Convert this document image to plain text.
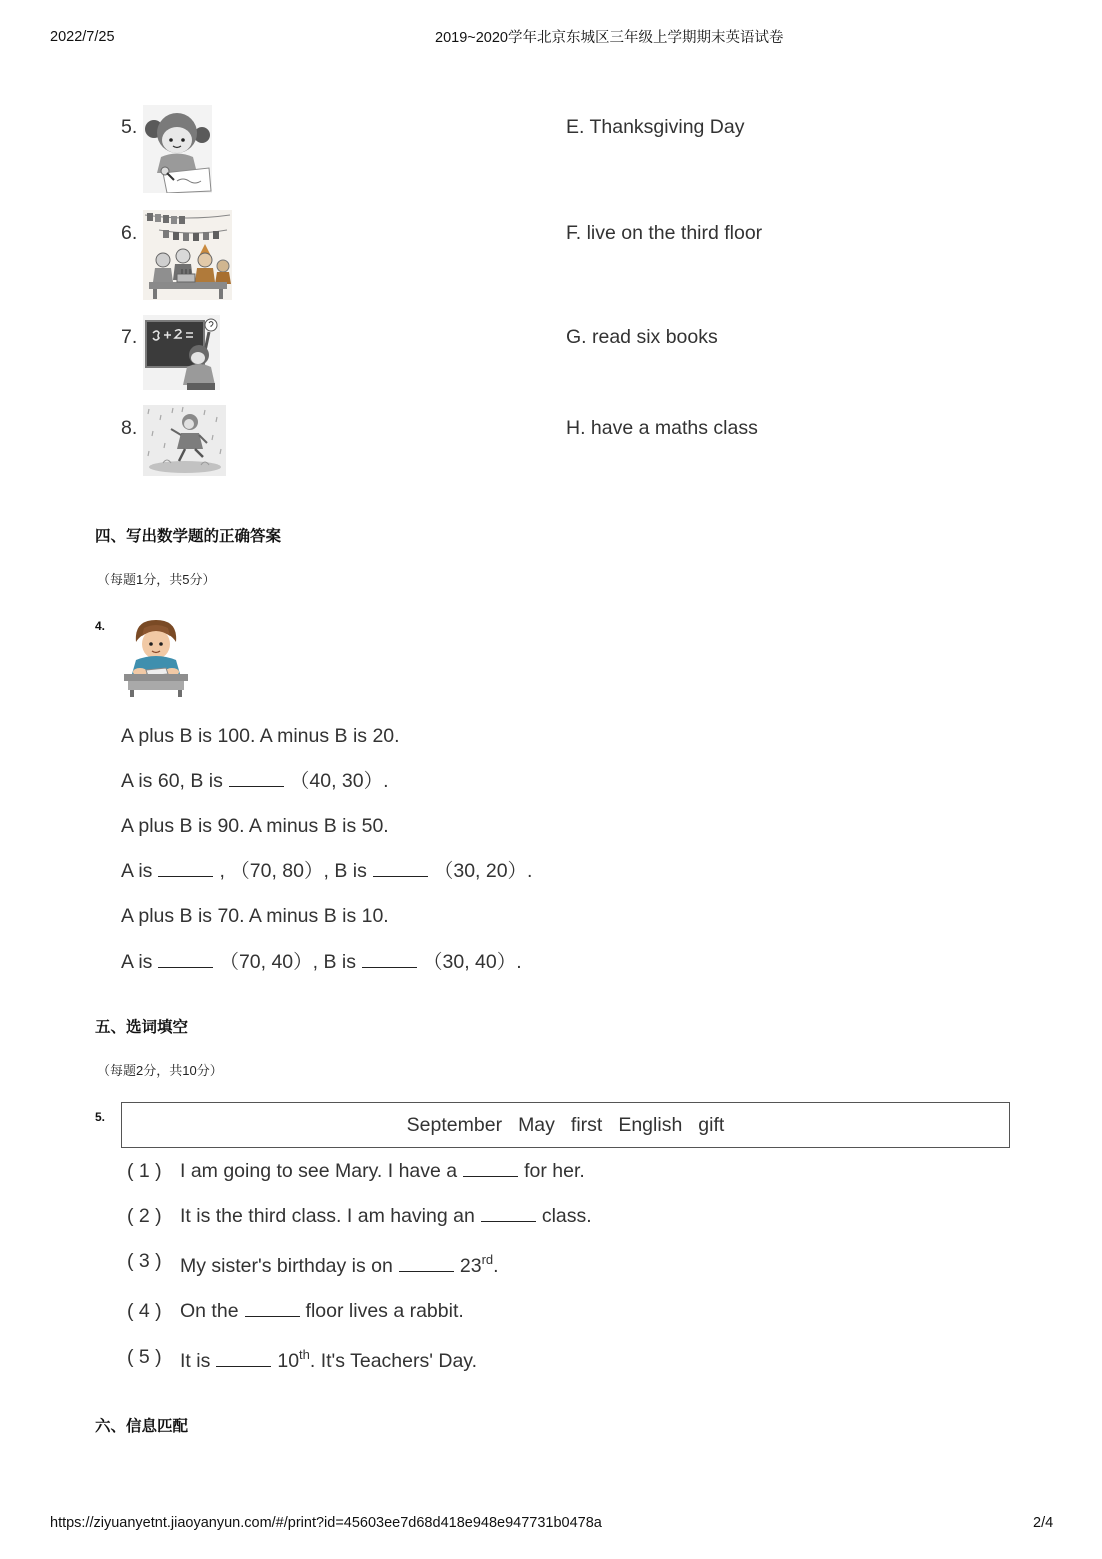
2022/7/25	2019~2020学年北京东城区三年级上学期期末英语试卷
5.	E. Thanksgiving Day
6.	F. live on the third floor
7.	G. read six books
8.	H. have a maths class
四、写出数学题的正确答案
（每题1分，共5分）
4.
A plus B is 100. A minus B is 20.
A is 60, B is	（40, 30）.
A plus B is 90. A minus B is 50.
A is	, （70, 80）, B is	（30, 20）.
A plus B is 70. A minus B is 10.
A is	（70, 40）, B is	（30, 40）.
五、选词填空
（每题2分，共10分）
5.	September May first English gift
( 1 ) I am going to see Mary. I have a	for her.
( 2 ) It is the third class. I am having an	class.
( 3 ) My sister's birthday is on	23rd.
( 4 ) On the	floor lives a rabbit.
( 5 ) It is	10th. It's Teachers' Day.
六、信息匹配
https://ziyuanyetnt.jiaoyanyun.com/#/print?id=45603ee7d68d418e948e947731b0478a	2/4
